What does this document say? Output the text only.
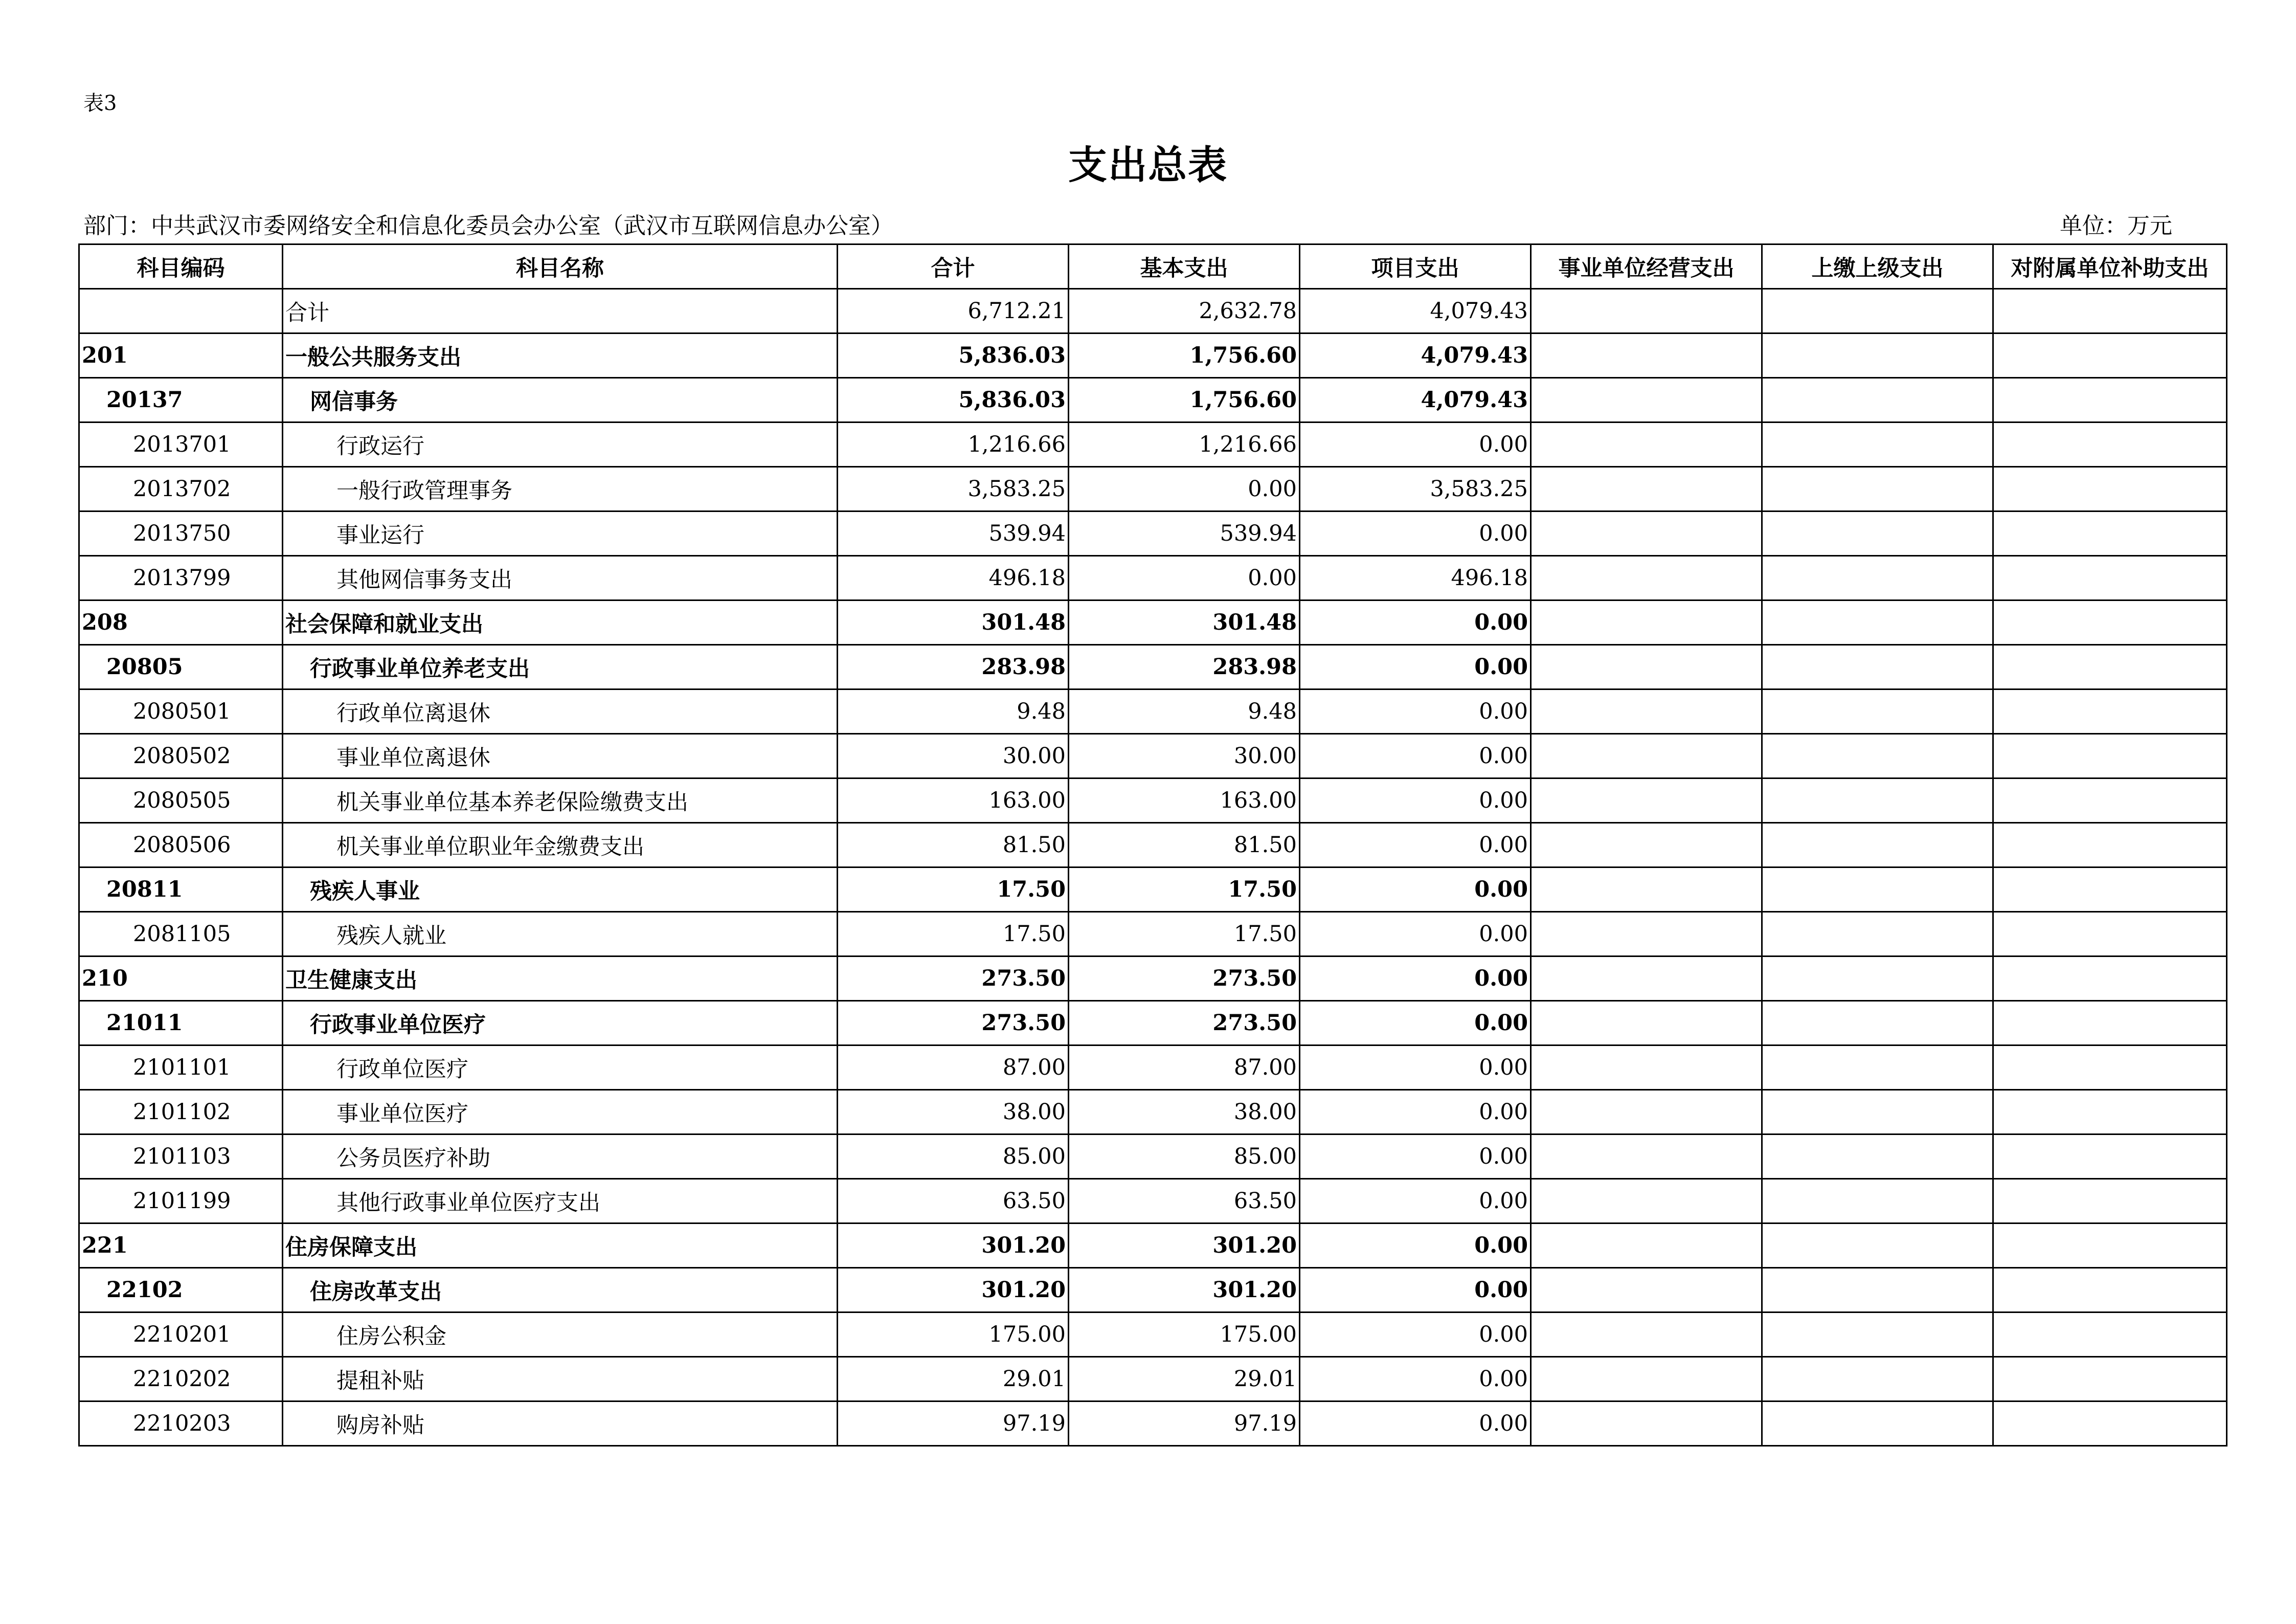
表3
支出总表
部门：中共武汉市委网络安全和信息化委员会办公室（武汉市互联网信息办公室）	单位：万元
科目编码	科目名称	合计	基本支出	项目支出	事业单位经营支出	上缴上级支出	对附属单位补助支出
	合计	6,712.21	2,632.78	4,079.43			
201	一般公共服务支出	5,836.03	1,756.60	4,079.43			
20137	网信事务	5,836.03	1,756.60	4,079.43			
2013701	行政运行	1,216.66	1,216.66	0.00			
2013702	一般行政管理事务	3,583.25	0.00	3,583.25			
2013750	事业运行	539.94	539.94	0.00			
2013799	其他网信事务支出	496.18	0.00	496.18			
208	社会保障和就业支出	301.48	301.48	0.00			
20805	行政事业单位养老支出	283.98	283.98	0.00			
2080501	行政单位离退休	9.48	9.48	0.00			
2080502	事业单位离退休	30.00	30.00	0.00			
2080505	机关事业单位基本养老保险缴费支出	163.00	163.00	0.00			
2080506	机关事业单位职业年金缴费支出	81.50	81.50	0.00			
20811	残疾人事业	17.50	17.50	0.00			
2081105	残疾人就业	17.50	17.50	0.00			
210	卫生健康支出	273.50	273.50	0.00			
21011	行政事业单位医疗	273.50	273.50	0.00			
2101101	行政单位医疗	87.00	87.00	0.00			
2101102	事业单位医疗	38.00	38.00	0.00			
2101103	公务员医疗补助	85.00	85.00	0.00			
2101199	其他行政事业单位医疗支出	63.50	63.50	0.00			
221	住房保障支出	301.20	301.20	0.00			
22102	住房改革支出	301.20	301.20	0.00			
2210201	住房公积金	175.00	175.00	0.00			
2210202	提租补贴	29.01	29.01	0.00			
2210203	购房补贴	97.19	97.19	0.00			
